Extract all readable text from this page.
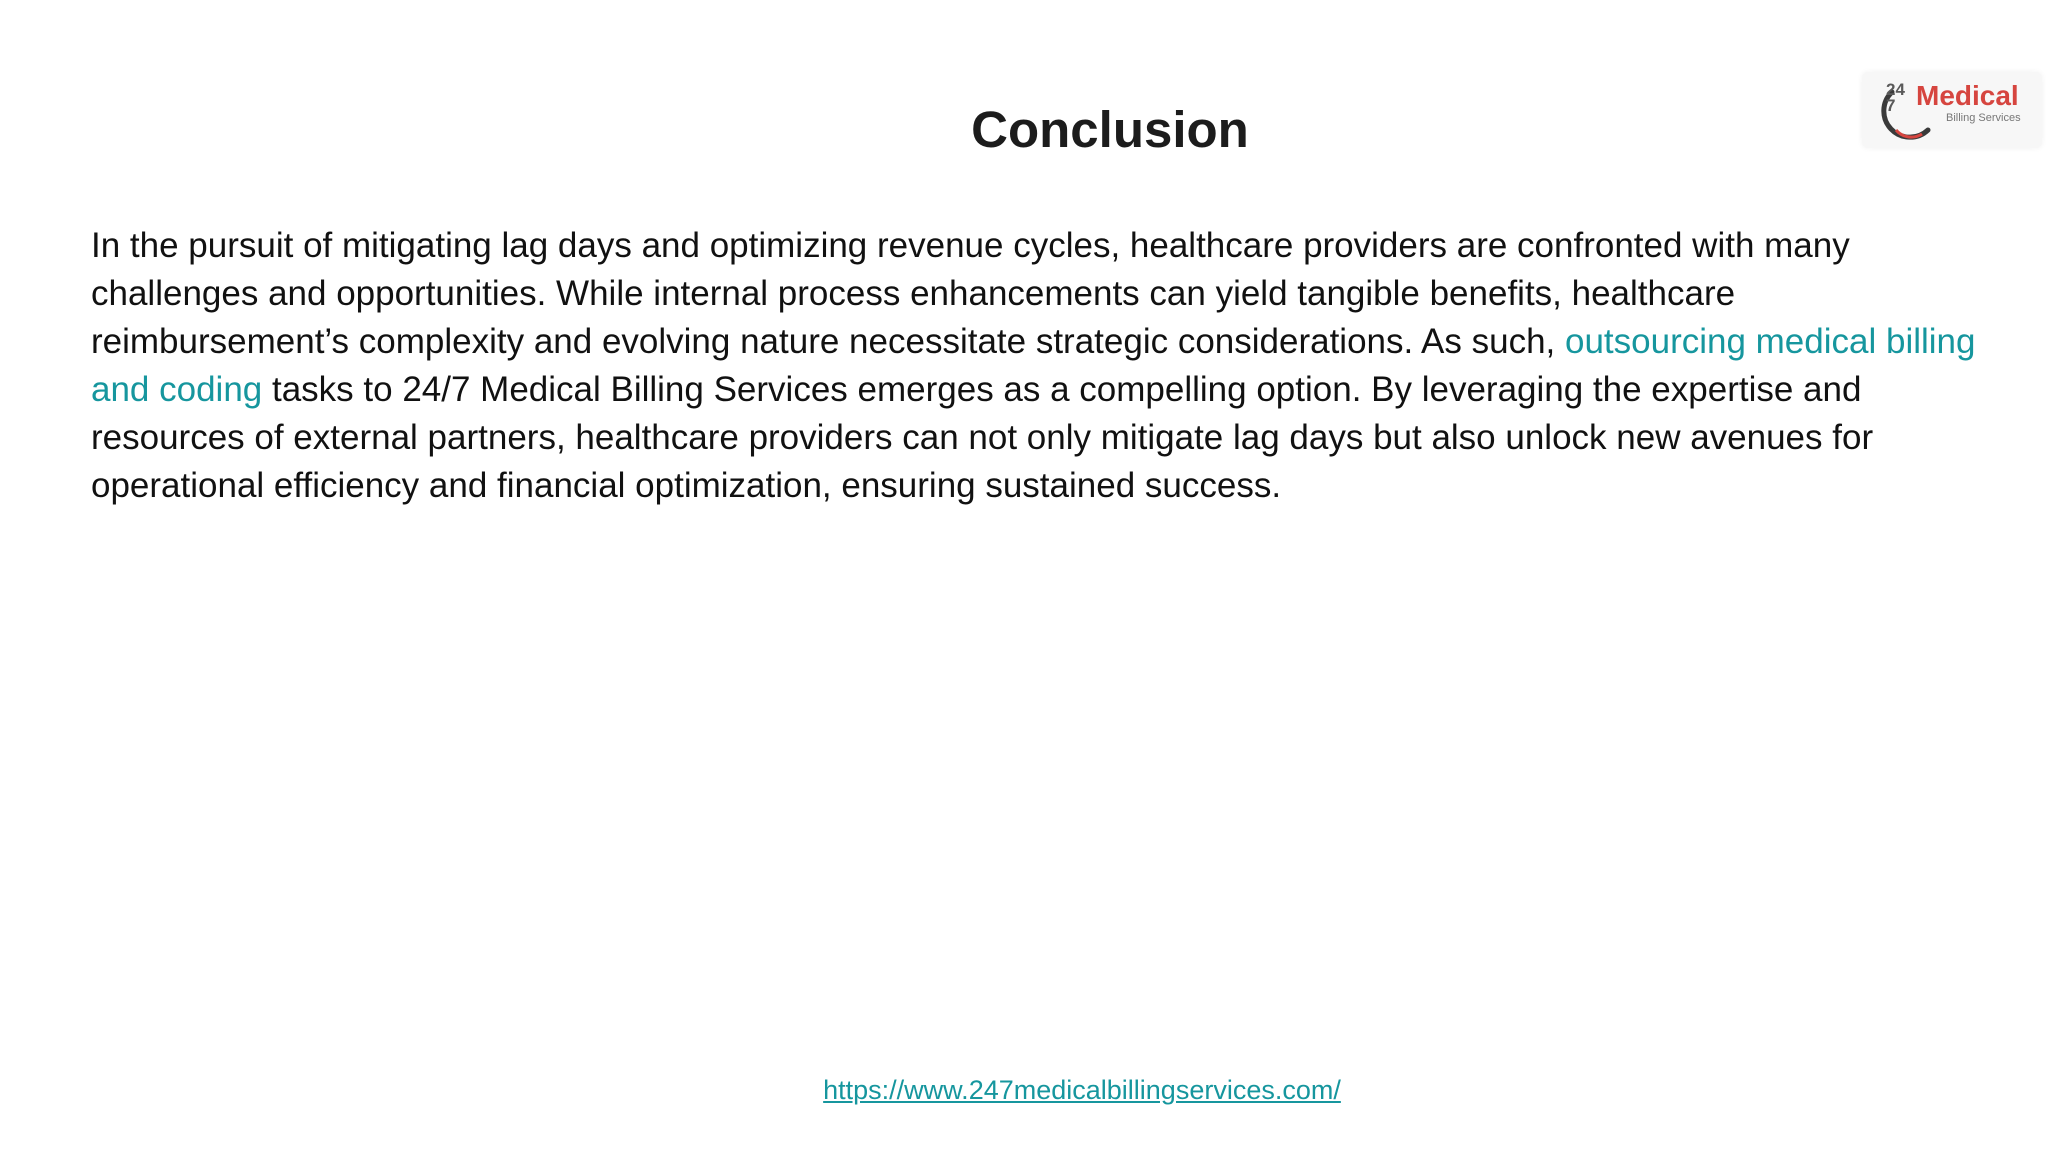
Conclusion
24
7 Medical
Billing Services

In the pursuit of mitigating lag days and optimizing revenue cycles, healthcare providers are confronted with many challenges and opportunities. While internal process enhancements can yield tangible benefits, healthcare reimbursement’s complexity and evolving nature necessitate strategic considerations. As such, outsourcing medical billing and coding tasks to 24/7 Medical Billing Services emerges as a compelling option. By leveraging the expertise and resources of external partners, healthcare providers can not only mitigate lag days but also unlock new avenues for operational efficiency and financial optimization, ensuring sustained success.

https://www.247medicalbillingservices.com/
